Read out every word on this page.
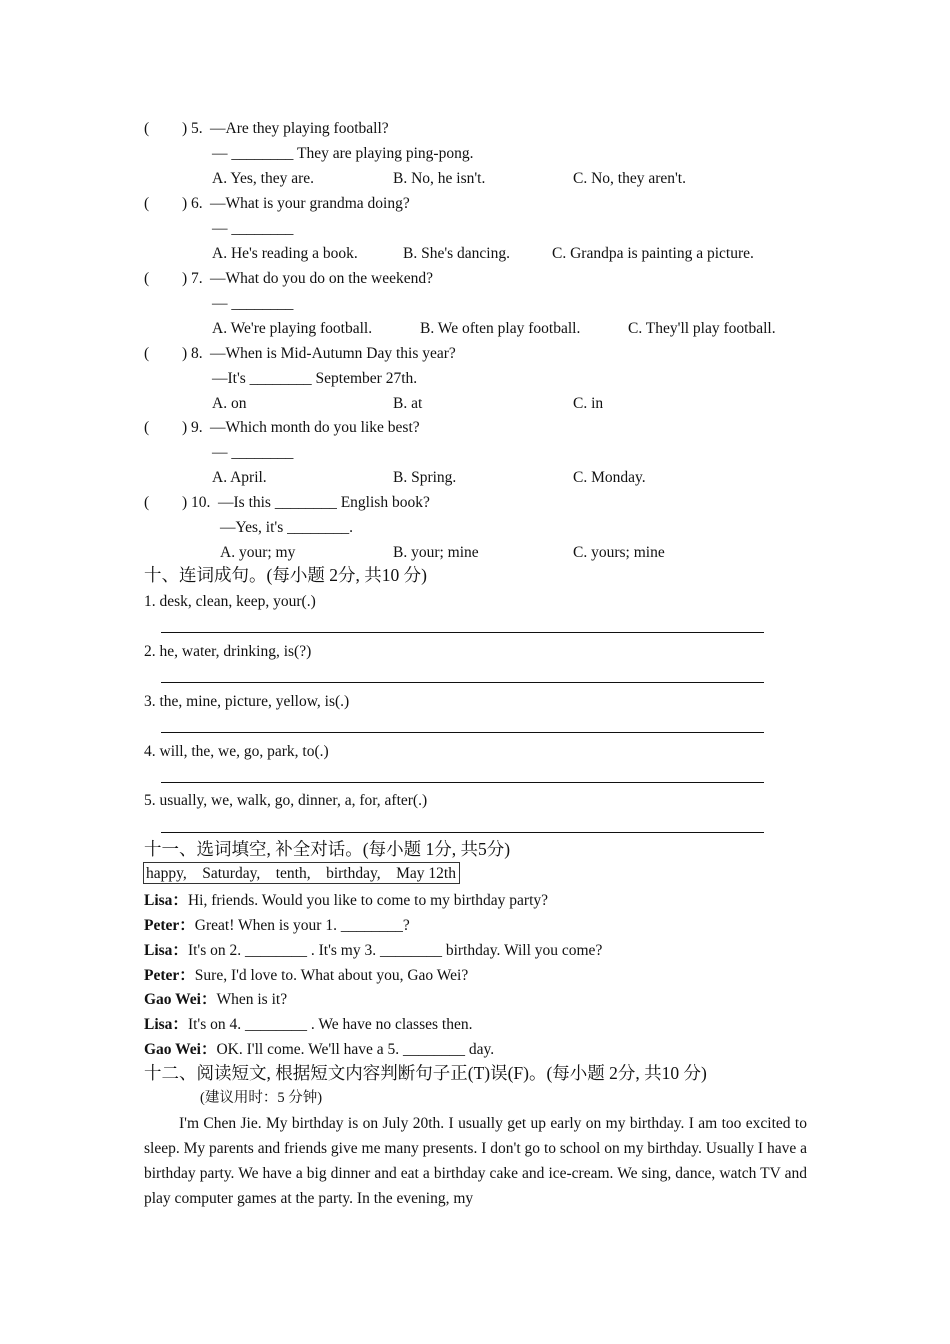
( ) 5. —Are they playing football?
— ________ They are playing ping-pong.
A. Yes, they are.	B. No, he isn't.	C. No, they aren't.
( ) 6. —What is your grandma doing?
— ________
A. He's reading a book.	B. She's dancing.	C. Grandpa is painting a picture.
( ) 7. —What do you do on the weekend?
— ________
A. We're playing football.	B. We often play football.	C. They'll play football.
( ) 8. —When is Mid-Autumn Day this year?
—It's ________ September 27th.
A. on	B. at	C. in
( ) 9. —Which month do you like best?
— ________
A. April.	B. Spring.	C. Monday.
( ) 10. —Is this ________ English book?
—Yes, it's ________.
A. your; my	B. your; mine	C. yours; mine
十、连词成句。(每小题 2分, 共10 分)
1. desk, clean, keep, your(.)
2. he, water, drinking, is(?)
3. the, mine, picture, yellow, is(.)
4. will, the, we, go, park, to(.)
5. usually, we, walk, go, dinner, a, for, after(.)
十一、选词填空, 补全对话。(每小题 1分, 共5分)
happy,    Saturday,    tenth,    birthday,    May 12th
Lisa：Hi, friends. Would you like to come to my birthday party?
Peter：Great! When is your 1. ________?
Lisa：It's on 2. ________ . It's my 3. ________ birthday. Will you come?
Peter：Sure, I'd love to. What about you, Gao Wei?
Gao Wei：When is it?
Lisa：It's on 4. ________ . We have no classes then.
Gao Wei：OK. I'll come. We'll have a 5. ________ day.
十二、阅读短文, 根据短文内容判断句子正(T)误(F)。(每小题 2分, 共10 分)
(建议用时：5 分钟)

I'm Chen Jie. My birthday is on July 20th. I usually get up early on my birthday. I am too excited to sleep. My parents and friends give me many presents. I don't go to school on my birthday. Usually I have a birthday party. We have a big dinner and eat a birthday cake and ice-cream. We sing, dance, watch TV and play computer games at the party. In the evening, my
